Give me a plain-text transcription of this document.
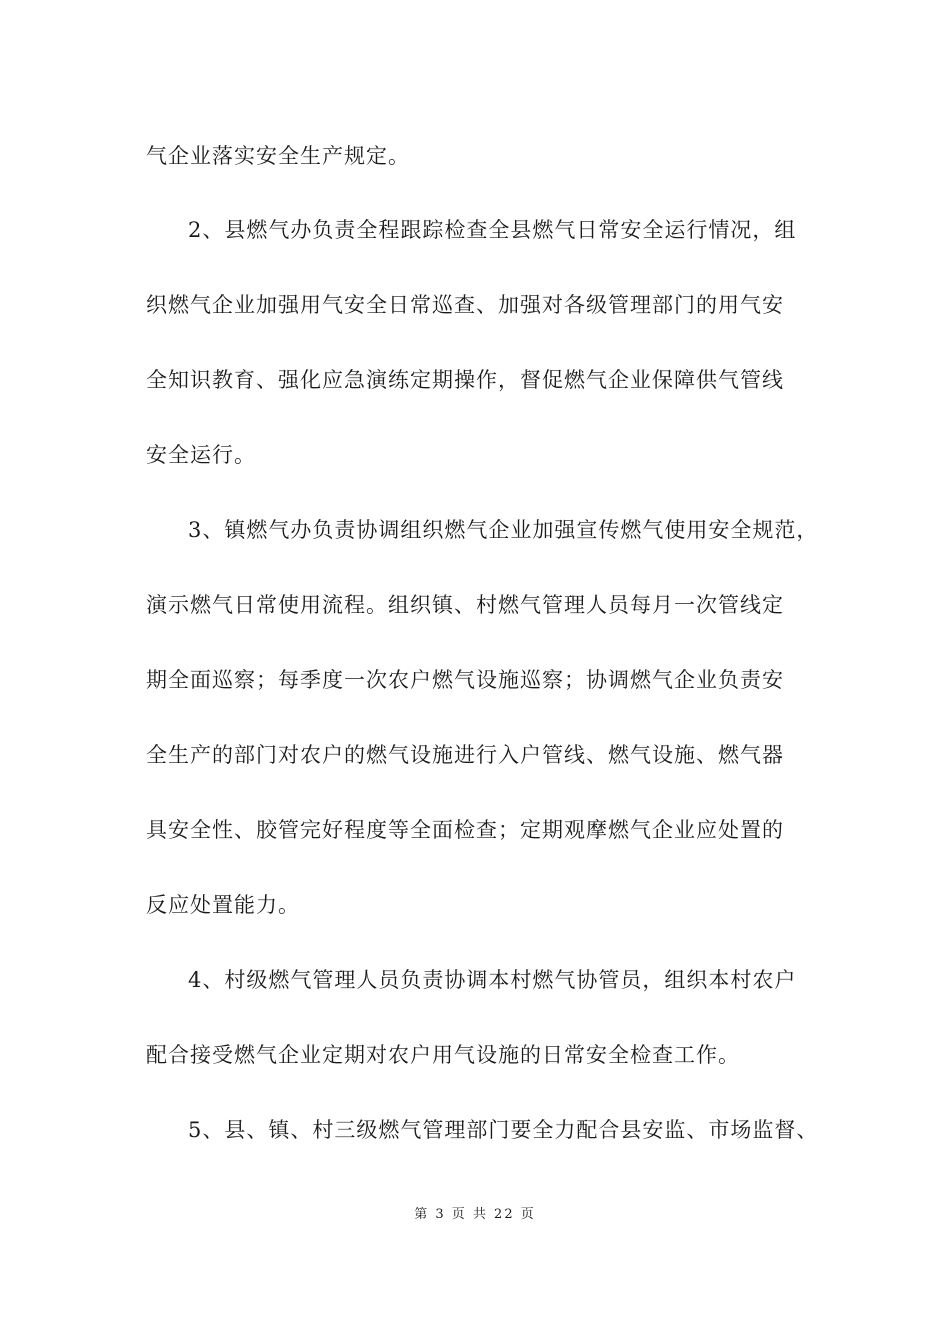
气企业落实安全生产规定。
2、县燃气办负责全程跟踪检查全县燃气日常安全运行情况，组
织燃气企业加强用气安全日常巡查、加强对各级管理部门的用气安
全知识教育、强化应急演练定期操作，督促燃气企业保障供气管线
安全运行。
3、镇燃气办负责协调组织燃气企业加强宣传燃气使用安全规范，
演示燃气日常使用流程。组织镇、村燃气管理人员每月一次管线定
期全面巡察；每季度一次农户燃气设施巡察；协调燃气企业负责安
全生产的部门对农户的燃气设施进行入户管线、燃气设施、燃气器
具安全性、胶管完好程度等全面检查；定期观摩燃气企业应处置的
反应处置能力。
4、村级燃气管理人员负责协调本村燃气协管员，组织本村农户
配合接受燃气企业定期对农户用气设施的日常安全检查工作。
5、县、镇、村三级燃气管理部门要全力配合县安监、市场监督、
第 3 页 共 22 页
